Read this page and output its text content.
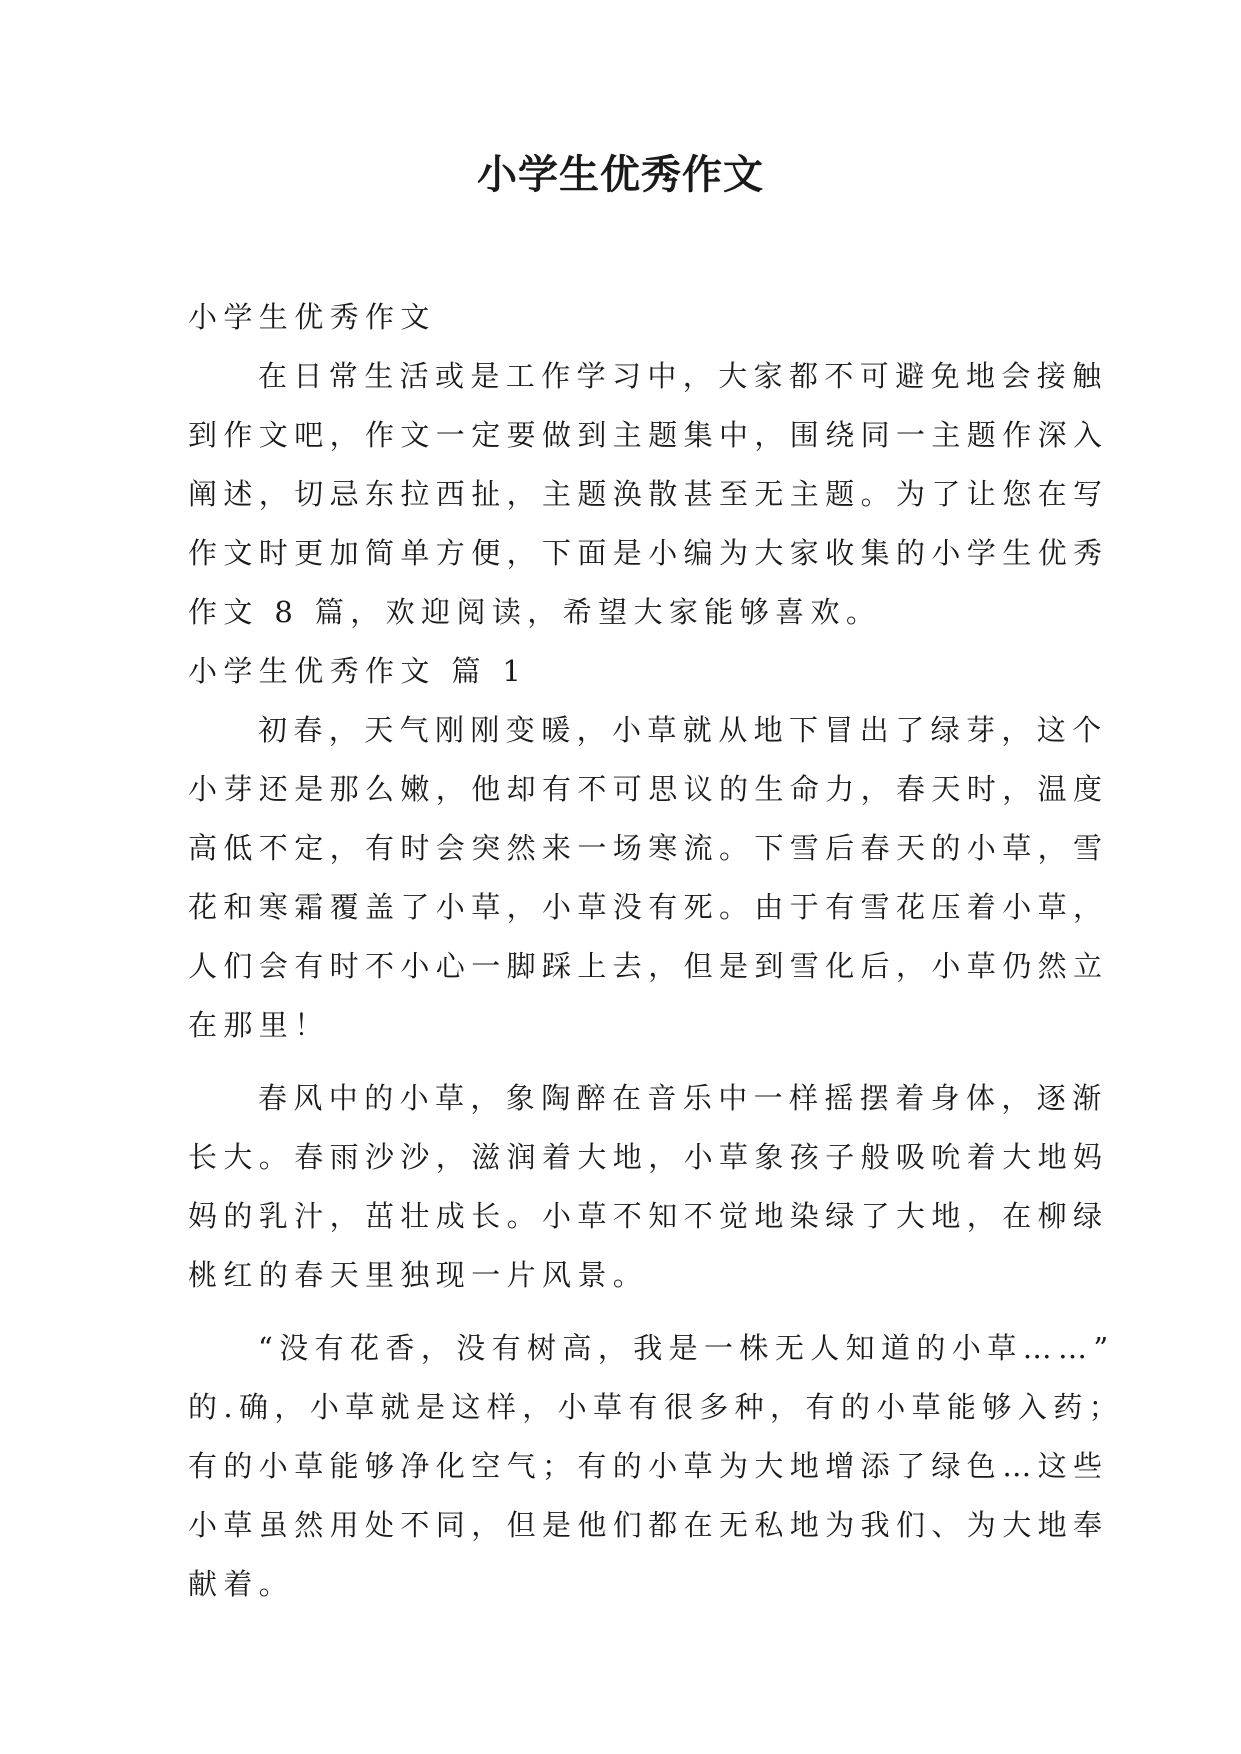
小学生优秀作文
小学生优秀作文
在日常生活或是工作学习中，大家都不可避免地会接触
到作文吧，作文一定要做到主题集中，围绕同一主题作深入
阐述，切忌东拉西扯，主题涣散甚至无主题。为了让您在写
作文时更加简单方便，下面是小编为大家收集的小学生优秀
作文 8 篇，欢迎阅读，希望大家能够喜欢。
小学生优秀作文 篇 1
初春，天气刚刚变暖，小草就从地下冒出了绿芽，这个
小芽还是那么嫩，他却有不可思议的生命力，春天时，温度
高低不定，有时会突然来一场寒流。下雪后春天的小草，雪
花和寒霜覆盖了小草，小草没有死。由于有雪花压着小草，
人们会有时不小心一脚踩上去，但是到雪化后，小草仍然立
在那里！
春风中的小草，象陶醉在音乐中一样摇摆着身体，逐渐
长大。春雨沙沙，滋润着大地，小草象孩子般吸吮着大地妈
妈的乳汁，茁壮成长。小草不知不觉地染绿了大地，在柳绿
桃红的春天里独现一片风景。
“没有花香，没有树高，我是一株无人知道的小草……”
的.确，小草就是这样，小草有很多种，有的小草能够入药；
有的小草能够净化空气；有的小草为大地增添了绿色…这些
小草虽然用处不同，但是他们都在无私地为我们、为大地奉
献着。
